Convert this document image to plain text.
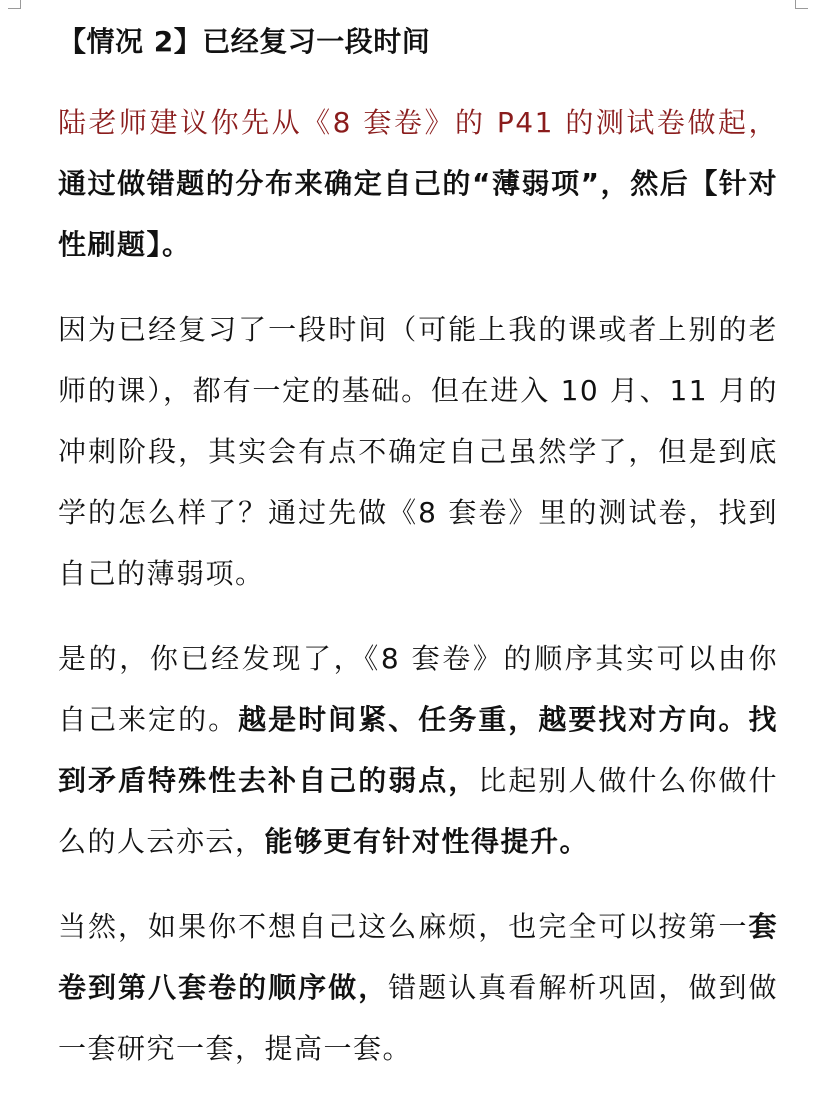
【情况 2】已经复习一段时间

陆老师建议你先从《8 套卷》的 P41 的测试卷做起，通过做错题的分布来确定自己的“薄弱项”，然后【针对性刷题】。

因为已经复习了一段时间（可能上我的课或者上别的老师的课），都有一定的基础。但在进入 10 月、11 月的冲刺阶段，其实会有点不确定自己虽然学了，但是到底学的怎么样了？通过先做《8 套卷》里的测试卷，找到自己的薄弱项。

是的，你已经发现了，《8 套卷》的顺序其实可以由你自己来定的。越是时间紧、任务重，越要找对方向。找到矛盾特殊性去补自己的弱点，比起别人做什么你做什么的人云亦云，能够更有针对性得提升。

当然，如果你不想自己这么麻烦，也完全可以按第一套卷到第八套卷的顺序做，错题认真看解析巩固，做到做一套研究一套，提高一套。
